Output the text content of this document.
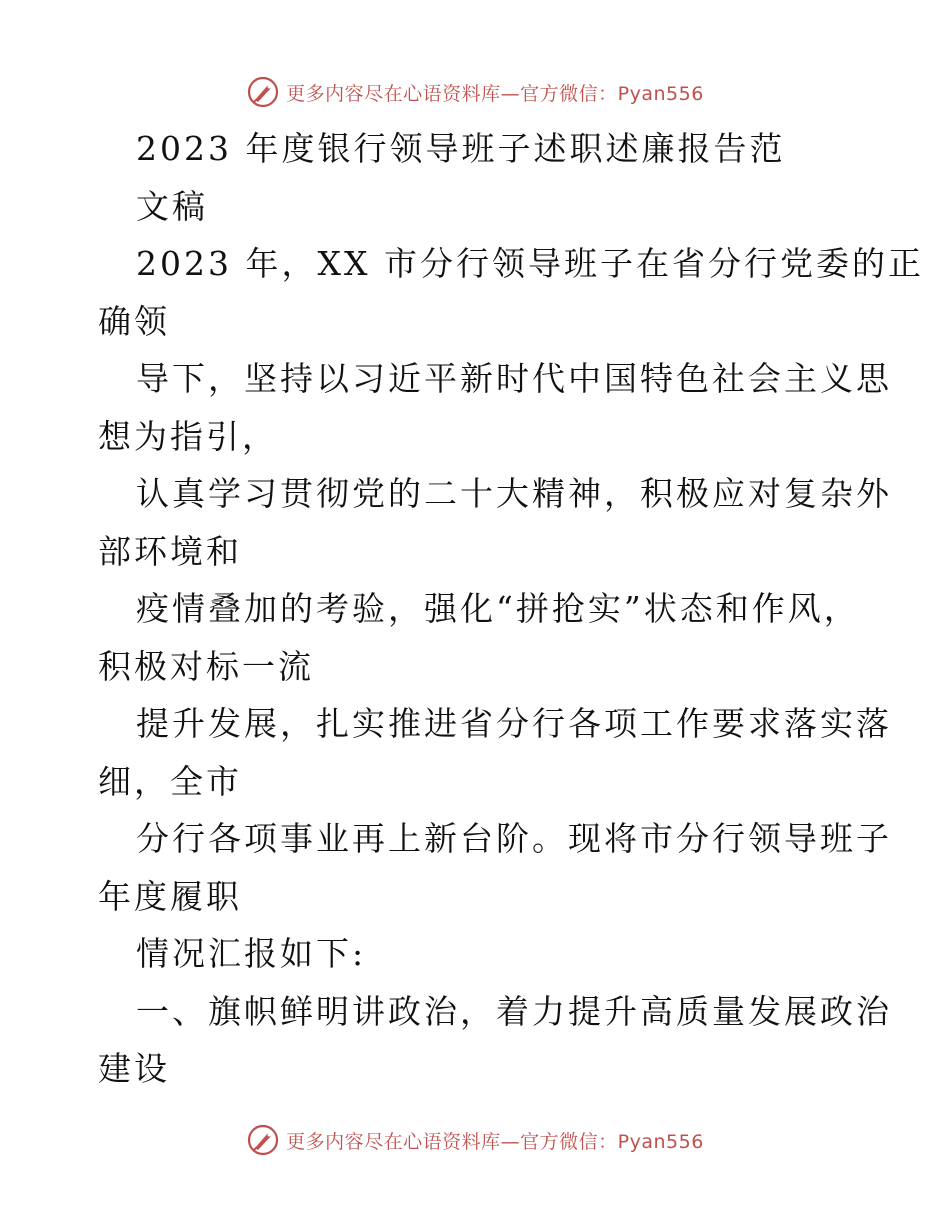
更多内容尽在心语资料库—官方微信：Pyan556
2023 年度银行领导班子述职述廉报告范
文稿
2023 年，XX 市分行领导班子在省分行党委的正
确领
导下，坚持以习近平新时代中国特色社会主义思
想为指引，
认真学习贯彻党的二十大精神，积极应对复杂外
部环境和
疫情叠加的考验，强化“拼抢实”状态和作风，
积极对标一流
提升发展，扎实推进省分行各项工作要求落实落
细，全市
分行各项事业再上新台阶。现将市分行领导班子
年度履职
情况汇报如下:
一、旗帜鲜明讲政治，着力提升高质量发展政治
建设
更多内容尽在心语资料库—官方微信：Pyan556
